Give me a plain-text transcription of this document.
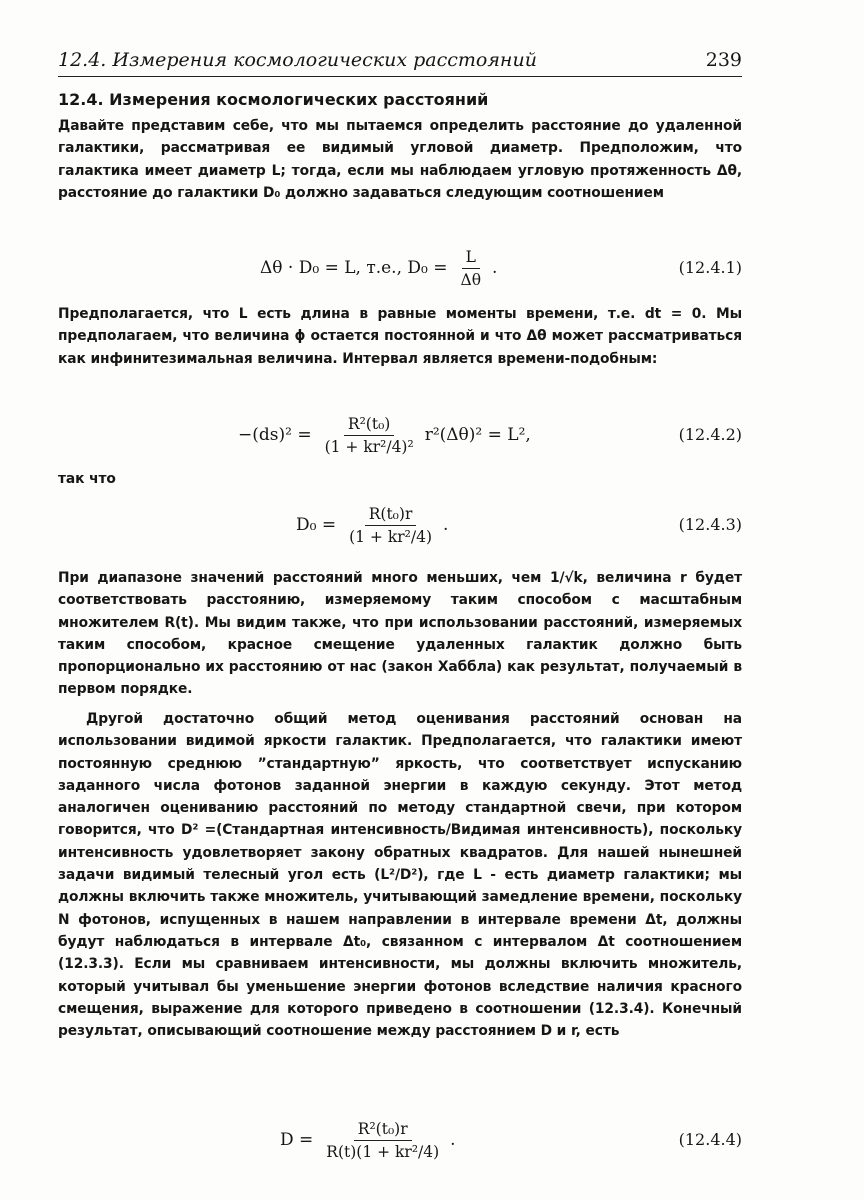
12.4. Измерения космологических расстояний	239
12.4. Измерения космологических расстояний
Давайте представим себе, что мы пытаемся определить расстояние до удаленной галактики, рассматривая ее видимый угловой диаметр. Предположим, что галактика имеет диаметр L; тогда, если мы наблюдаем угловую протяженность Δθ, расстояние до галактики D₀ должно задаваться следующим соотношением
Δθ · D₀ = L, т.е., $D_0 = \frac{L}{\Delta\theta}$ .	(12.4.1)
Предполагается, что L есть длина в равные моменты времени, т.е. dt = 0. Мы предполагаем, что величина ϕ остается постоянной и что Δθ может рассматриваться как инфинитезимальная величина. Интервал является времени-подобным:
$-(ds)^2 = \frac{\text{R²(t₀)}}{\text{(1 + kr²/4)²}} r^2(\Delta\theta)^2 = L^2$,	(12.4.2)
так что
$D_0 = \frac{\text{R(t₀)r}}{\text{(1 + kr²/4)}}$ .	(12.4.3)
При диапазоне значений расстояний много меньших, чем 1/√k, величина r будет соответствовать расстоянию, измеряемому таким способом с масштабным множителем R(t). Мы видим также, что при использовании расстояний, измеряемых таким способом, красное смещение удаленных галактик должно быть пропорционально их расстоянию от нас (закон Хаббла) как результат, получаемый в первом порядке.
Другой достаточно общий метод оценивания расстояний основан на использовании видимой яркости галактик. Предполагается, что галактики имеют постоянную среднюю ”стандартную” яркость, что соответствует испусканию заданного числа фотонов заданной энергии в каждую секунду. Этот метод аналогичен оцениванию расстояний по методу стандартной свечи, при котором говорится, что D² =(Стандартная интенсивность/Видимая интенсивность), поскольку интенсивность удовлетворяет закону обратных квадратов. Для нашей нынешней задачи видимый телесный угол есть (L²/D²), где L - есть диаметр галактики; мы должны включить также множитель, учитывающий замедление времени, поскольку N фотонов, испущенных в нашем направлении в интервале времени Δt, должны будут наблюдаться в интервале Δt₀, связанном с интервалом Δt соотношением (12.3.3). Если мы сравниваем интенсивности, мы должны включить множитель, который учитывал бы уменьшение энергии фотонов вследствие наличия красного смещения, выражение для которого приведено в соотношении (12.3.4). Конечный результат, описывающий соотношение между расстоянием D и r, есть
$D = \frac{\text{R²(t₀)r}}{\text{R(t)(1 + kr²/4)}}$ .	(12.4.4)
